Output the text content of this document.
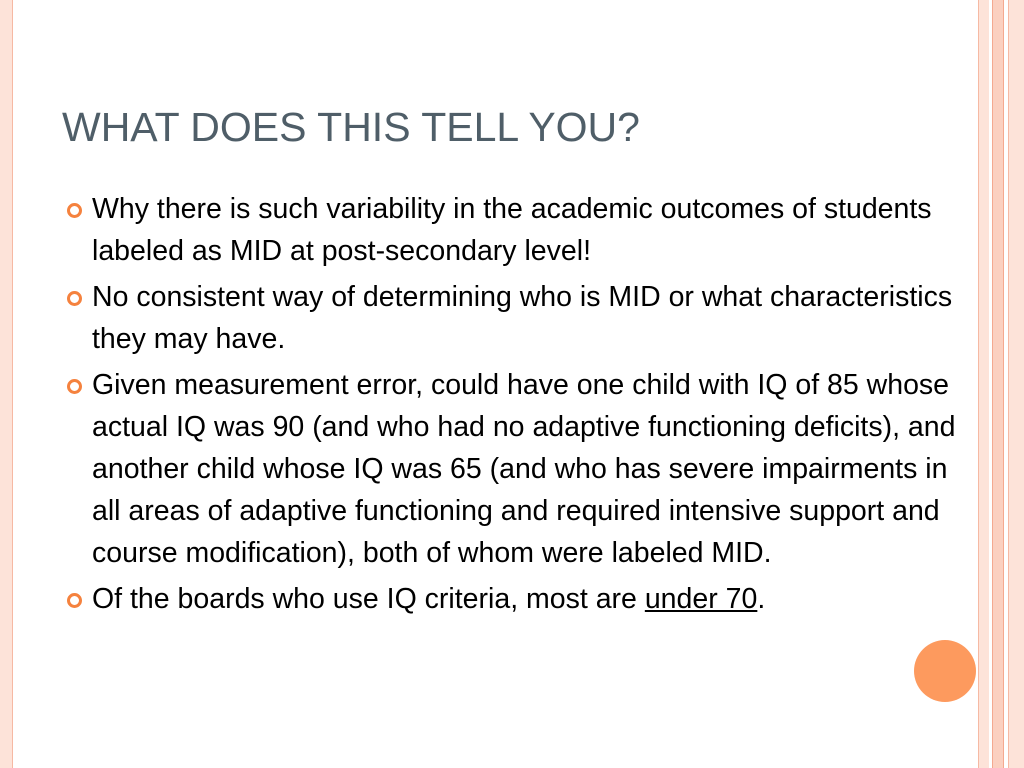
WHAT DOES THIS TELL YOU?
Why there is such variability in the academic outcomes of students labeled as MID at post-secondary level!
No consistent way of determining who is MID or what characteristics they may have.
Given measurement error, could have one child with IQ of 85 whose actual IQ was 90 (and who had no adaptive functioning deficits), and another child whose IQ was 65 (and who has severe impairments in all areas of adaptive functioning and required intensive support and course modification), both of whom were labeled MID.
Of the boards who use IQ criteria, most are under 70.
